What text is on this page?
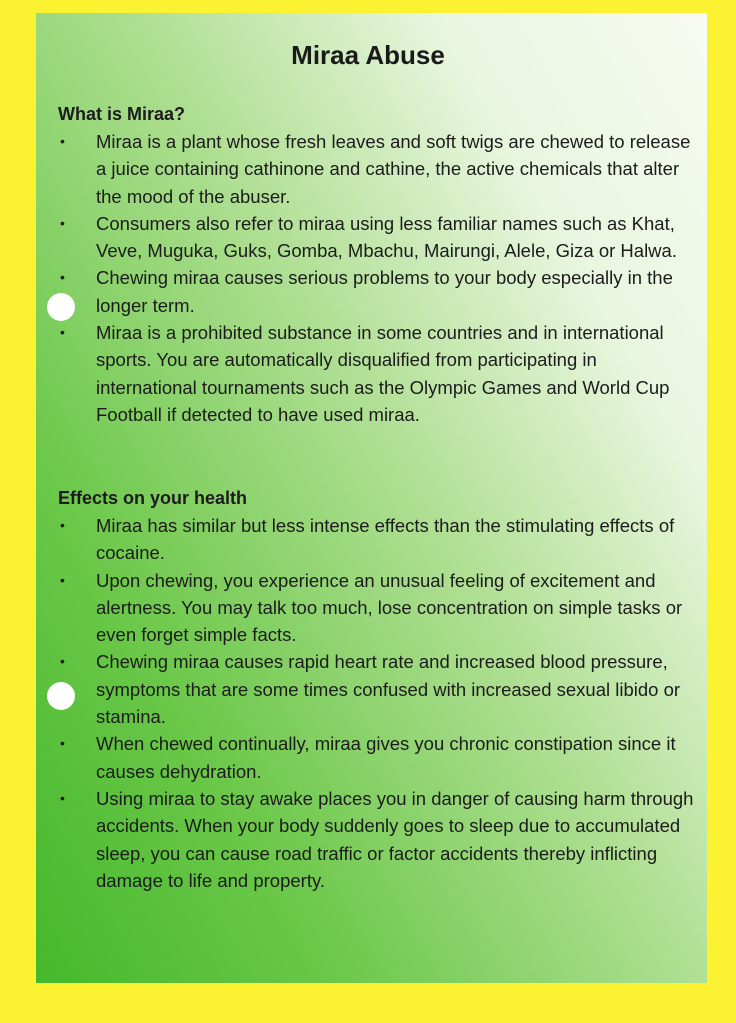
Miraa Abuse
What is Miraa?
• Miraa is a plant whose fresh leaves and soft twigs are chewed to release a juice containing cathinone and cathine, the active chemicals that alter the mood of the abuser.
• Consumers also refer to miraa using less familiar names such as Khat, Veve, Muguka, Guks, Gomba, Mbachu, Mairungi, Alele, Giza or Halwa.
• Chewing miraa causes serious problems to your body especially in the longer term.
• Miraa is a prohibited substance in some countries and in international sports. You are automatically disqualified from participating in international tournaments such as the Olympic Games and World Cup Football if detected to have used miraa.
Effects on your health
• Miraa has similar but less intense effects than the stimulating effects of cocaine.
• Upon chewing, you experience an unusual feeling of excitement and alertness. You may talk too much, lose concentration on simple tasks or even forget simple facts.
• Chewing miraa causes rapid heart rate and increased blood pressure, symptoms that are some times confused with increased sexual libido or stamina.
• When chewed continually, miraa gives you chronic constipation since it causes dehydration.
• Using miraa to stay awake places you in danger of causing harm through accidents. When your body suddenly goes to sleep due to accumulated sleep, you can cause road traffic or factor accidents thereby inflicting damage to life and property.
